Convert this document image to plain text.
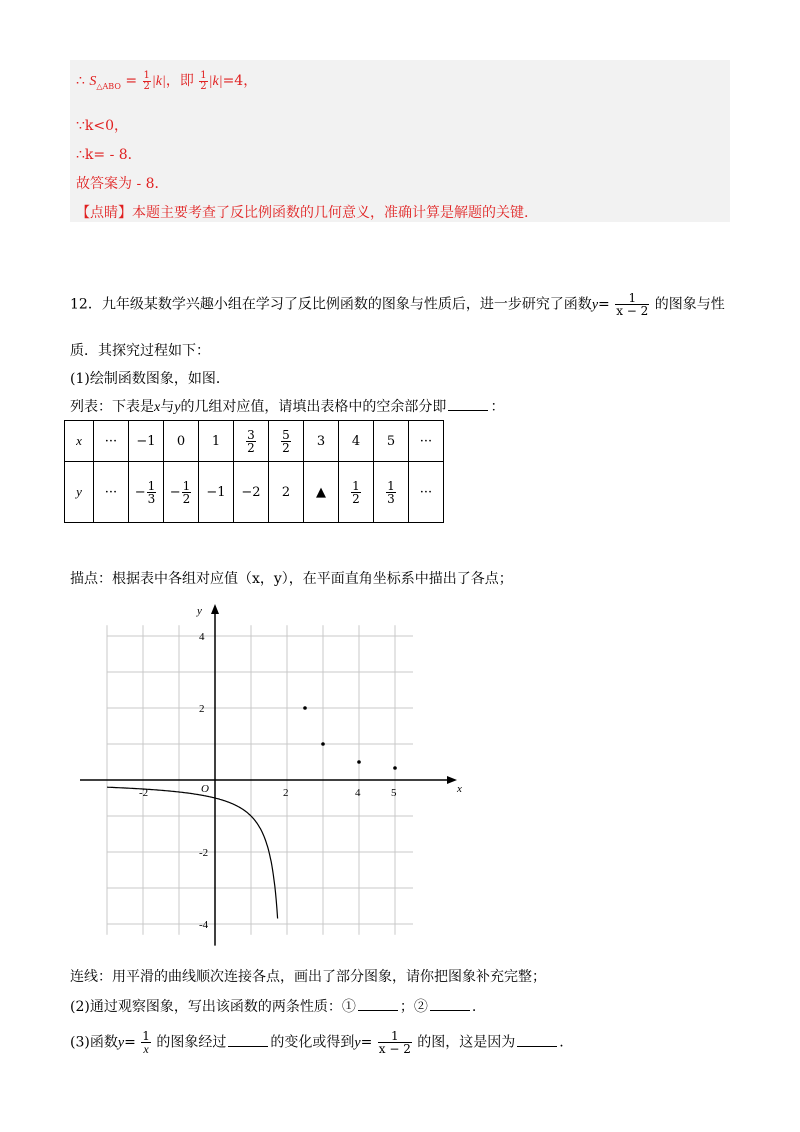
∴ $S_{\triangle ABO} = \frac{1}{2} |k|$，即 $\frac{1}{2} |k|=4$，
∵k<0，
∴k= - 8．
故答案为 - 8．
【点睛】本题主要考查了反比例函数的几何意义，准确计算是解题的关键.
12．九年级某数学兴趣小组在学习了反比例函数的图象与性质后，进一步研究了函数$y= \frac{1}{x - 2}$ 的图象与性
质．其探究过程如下：
(1)绘制函数图象，如图．
列表：下表是x与y的几组对应值，请填出表格中的空余部分即	：
x	···	−1	0	1	$\frac{3}{2}$	$\frac{5}{2}$	3	4	5	···
y	···	− $\frac{1}{3}$	− $\frac{1}{2}$	−1	−2	2	▲	$\frac{1}{2}$	$\frac{1}{3}$	···
描点：根据表中各组对应值（x，y），在平面直角坐标系中描出了各点；
y
x
O
-2	2	4	5
4
2
-2
-4
连线：用平滑的曲线顺次连接各点，画出了部分图象，请你把图象补充完整；
(2)通过观察图象，写出该函数的两条性质：①	；②	.
(3)函数$y= \frac{1}{x}$ 的图象经过	的变化或得到$y= \frac{1}{x - 2}$ 的图，这是因为	.
